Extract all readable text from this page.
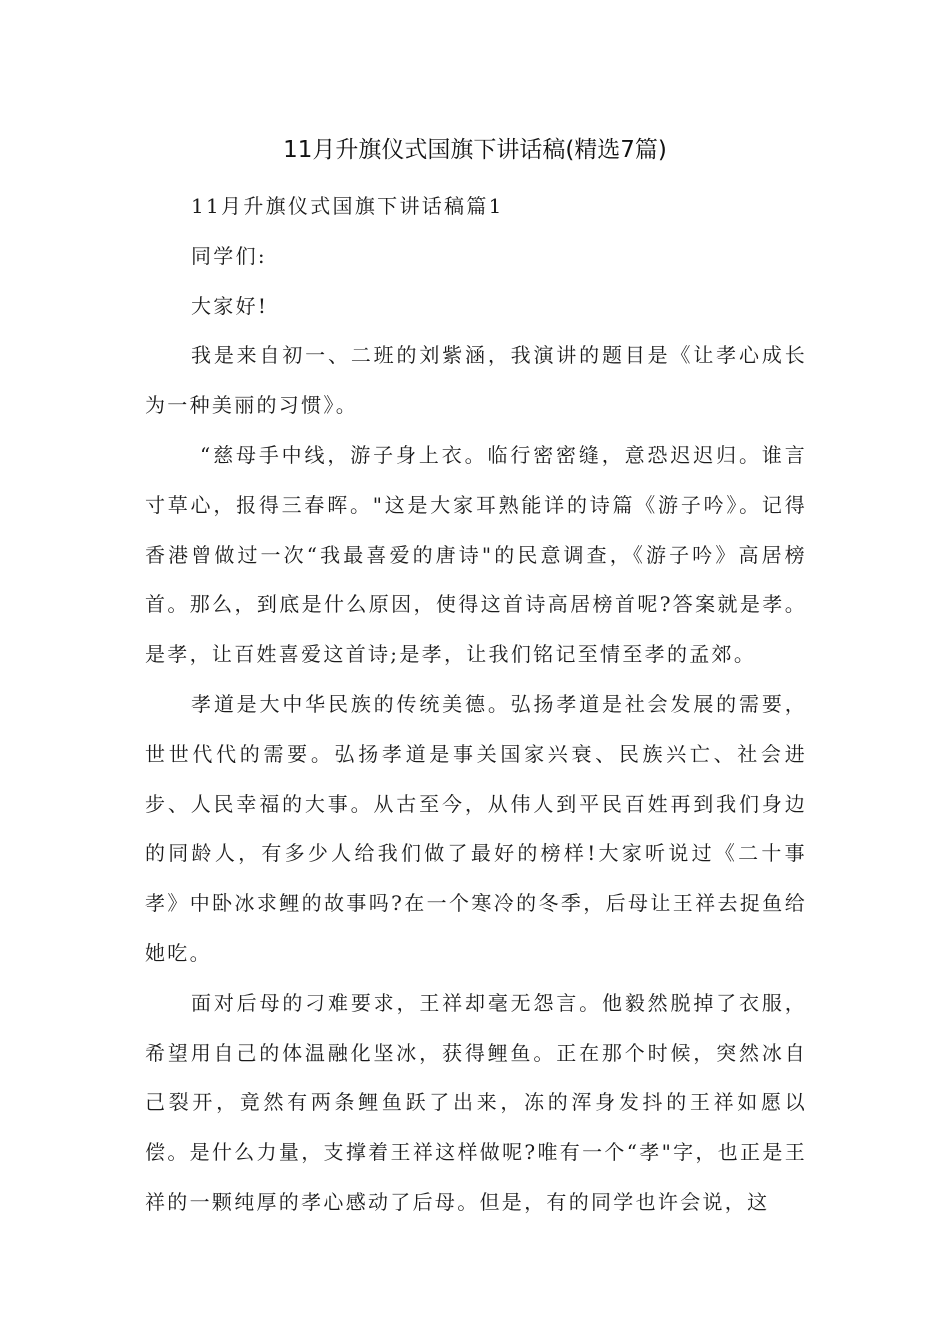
11月升旗仪式国旗下讲话稿(精选7篇)

11月升旗仪式国旗下讲话稿篇1

同学们:

大家好!

我是来自初一、二班的刘紫涵，我演讲的题目是《让孝心成长为一种美丽的习惯》。

“慈母手中线，游子身上衣。临行密密缝，意恐迟迟归。谁言寸草心，报得三春晖。"这是大家耳熟能详的诗篇《游子吟》。记得香港曾做过一次“我最喜爱的唐诗"的民意调查，《游子吟》高居榜首。那么，到底是什么原因，使得这首诗高居榜首呢?答案就是孝。是孝，让百姓喜爱这首诗;是孝，让我们铭记至情至孝的孟郊。

孝道是大中华民族的传统美德。弘扬孝道是社会发展的需要，世世代代的需要。弘扬孝道是事关国家兴衰、民族兴亡、社会进步、人民幸福的大事。从古至今，从伟人到平民百姓再到我们身边的同龄人，有多少人给我们做了最好的榜样!大家听说过《二十事孝》中卧冰求鲤的故事吗?在一个寒冷的冬季，后母让王祥去捉鱼给她吃。

面对后母的刁难要求，王祥却毫无怨言。他毅然脱掉了衣服，希望用自己的体温融化坚冰，获得鲤鱼。正在那个时候，突然冰自己裂开，竟然有两条鲤鱼跃了出来，冻的浑身发抖的王祥如愿以偿。是什么力量，支撑着王祥这样做呢?唯有一个“孝"字，也正是王祥的一颗纯厚的孝心感动了后母。但是，有的同学也许会说，这
